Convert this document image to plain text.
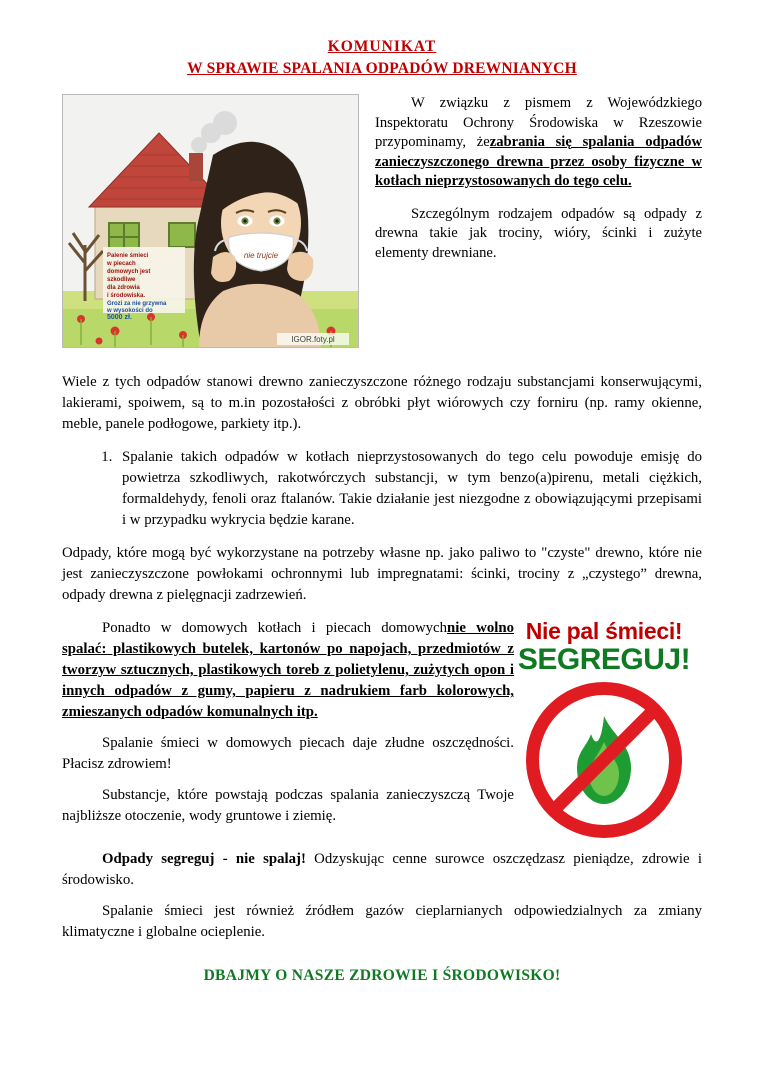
KOMUNIKAT
W SPRAWIE SPALANIA ODPADÓW DREWNIANYCH
Palenie śmieci
w piecach
domowych jest
szkodliwe
dla zdrowia
i środowiska.
Grozi za nie grzywna
w wysokości do
5000 zł.
nie trujcie
IGOR.foty.pl

W związku z pismem z Wojewódzkiego Inspektoratu Ochrony Środowiska w Rzeszowie przypominamy, żezabrania się spalania odpadów zanieczyszczonego drewna przez osoby fizyczne w kotłach nieprzystosowanych do tego celu.

Szczególnym rodzajem odpadów są odpady z drewna takie jak trociny, wióry, ścinki i zużyte elementy drewniane.

Wiele z tych odpadów stanowi drewno zanieczyszczone różnego rodzaju substancjami konserwującymi, lakierami, spoiwem, są to m.in pozostałości z obróbki płyt wiórowych czy forniru (np. ramy okienne, meble, panele podłogowe, parkiety itp.).

1. Spalanie takich odpadów w kotłach nieprzystosowanych do tego celu powoduje emisję do powietrza szkodliwych, rakotwórczych substancji, w tym benzo(a)pirenu, metali ciężkich, formaldehydy, fenoli oraz ftalanów. Takie działanie jest niezgodne z obowiązującymi przepisami i w przypadku wykrycia będzie karane.

Odpady, które mogą być wykorzystane na potrzeby własne np. jako paliwo to "czyste" drewno, które nie jest zanieczyszczone powłokami ochronnymi lub impregnatami: ścinki, trociny z „czystego” drewna, odpady drewna z pielęgnacji zadrzewień.

Ponadto w domowych kotłach i piecach domowychnie wolno spalać: plastikowych butelek, kartonów po napojach, przedmiotów z tworzyw sztucznych, plastikowych toreb z polietylenu, zużytych opon i innych odpadów z gumy, papieru z nadrukiem farb kolorowych, zmieszanych odpadów komunalnych itp.

Spalanie śmieci w domowych piecach daje złudne oszczędności. Płacisz zdrowiem!

Substancje, które powstają podczas spalania zanieczyszczą Twoje najbliższe otoczenie, wody gruntowe i ziemię.

Nie pal śmieci!
SEGREGUJ!

Odpady segreguj - nie spalaj! Odzyskując cenne surowce oszczędzasz pieniądze, zdrowie i środowisko.

Spalanie śmieci jest również źródłem gazów cieplarnianych odpowiedzialnych za zmiany klimatyczne i globalne ocieplenie.

DBAJMY O NASZE ZDROWIE I ŚRODOWISKO!
